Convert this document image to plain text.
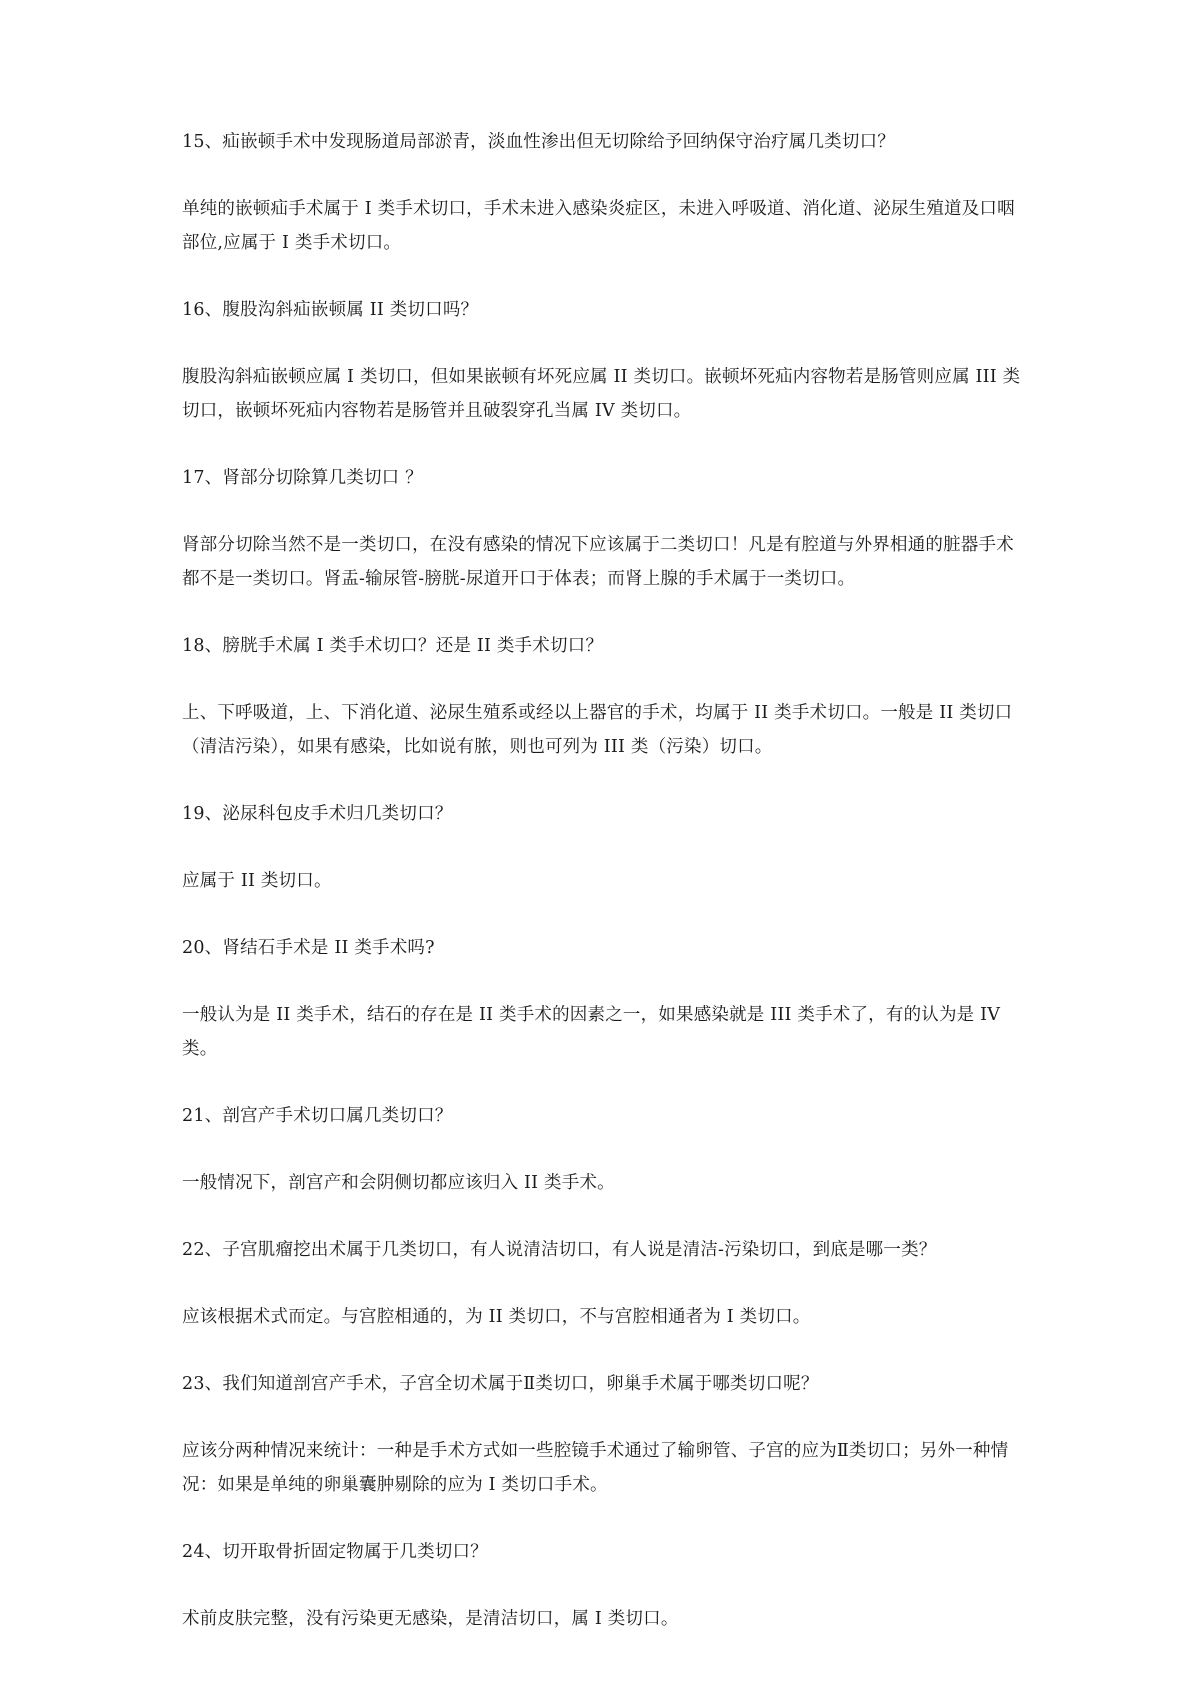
15、疝嵌顿手术中发现肠道局部淤青，淡血性渗出但无切除给予回纳保守治疗属几类切口？

单纯的嵌顿疝手术属于 I 类手术切口，手术未进入感染炎症区，未进入呼吸道、消化道、泌尿生殖道及口咽部位,应属于 I 类手术切口。

16、腹股沟斜疝嵌顿属 II 类切口吗？

腹股沟斜疝嵌顿应属 I 类切口，但如果嵌顿有坏死应属 II 类切口。嵌顿坏死疝内容物若是肠管则应属 III 类切口，嵌顿坏死疝内容物若是肠管并且破裂穿孔当属 IV 类切口。

17、肾部分切除算几类切口 ？

肾部分切除当然不是一类切口，在没有感染的情况下应该属于二类切口！凡是有腔道与外界相通的脏器手术都不是一类切口。肾盂-输尿管-膀胱-尿道开口于体表；而肾上腺的手术属于一类切口。

18、膀胱手术属 I 类手术切口？还是 II 类手术切口？

上、下呼吸道，上、下消化道、泌尿生殖系或经以上器官的手术，均属于 II 类手术切口。一般是 II 类切口（清洁污染），如果有感染，比如说有脓，则也可列为 III 类（污染）切口。

19、泌尿科包皮手术归几类切口？

应属于 II 类切口。

20、肾结石手术是 II 类手术吗?

一般认为是 II 类手术，结石的存在是 II 类手术的因素之一，如果感染就是 III 类手术了，有的认为是 IV 类。

21、剖宫产手术切口属几类切口？

一般情况下，剖宫产和会阴侧切都应该归入 II 类手术。

22、子宫肌瘤挖出术属于几类切口，有人说清洁切口，有人说是清洁-污染切口，到底是哪一类？

应该根据术式而定。与宫腔相通的，为 II 类切口，不与宫腔相通者为 I 类切口。

23、我们知道剖宫产手术，子宫全切术属于Ⅱ类切口，卵巢手术属于哪类切口呢？

应该分两种情况来统计：一种是手术方式如一些腔镜手术通过了输卵管、子宫的应为Ⅱ类切口；另外一种情况：如果是单纯的卵巢囊肿剔除的应为 I 类切口手术。

24、切开取骨折固定物属于几类切口？

术前皮肤完整，没有污染更无感染，是清洁切口，属 I 类切口。
